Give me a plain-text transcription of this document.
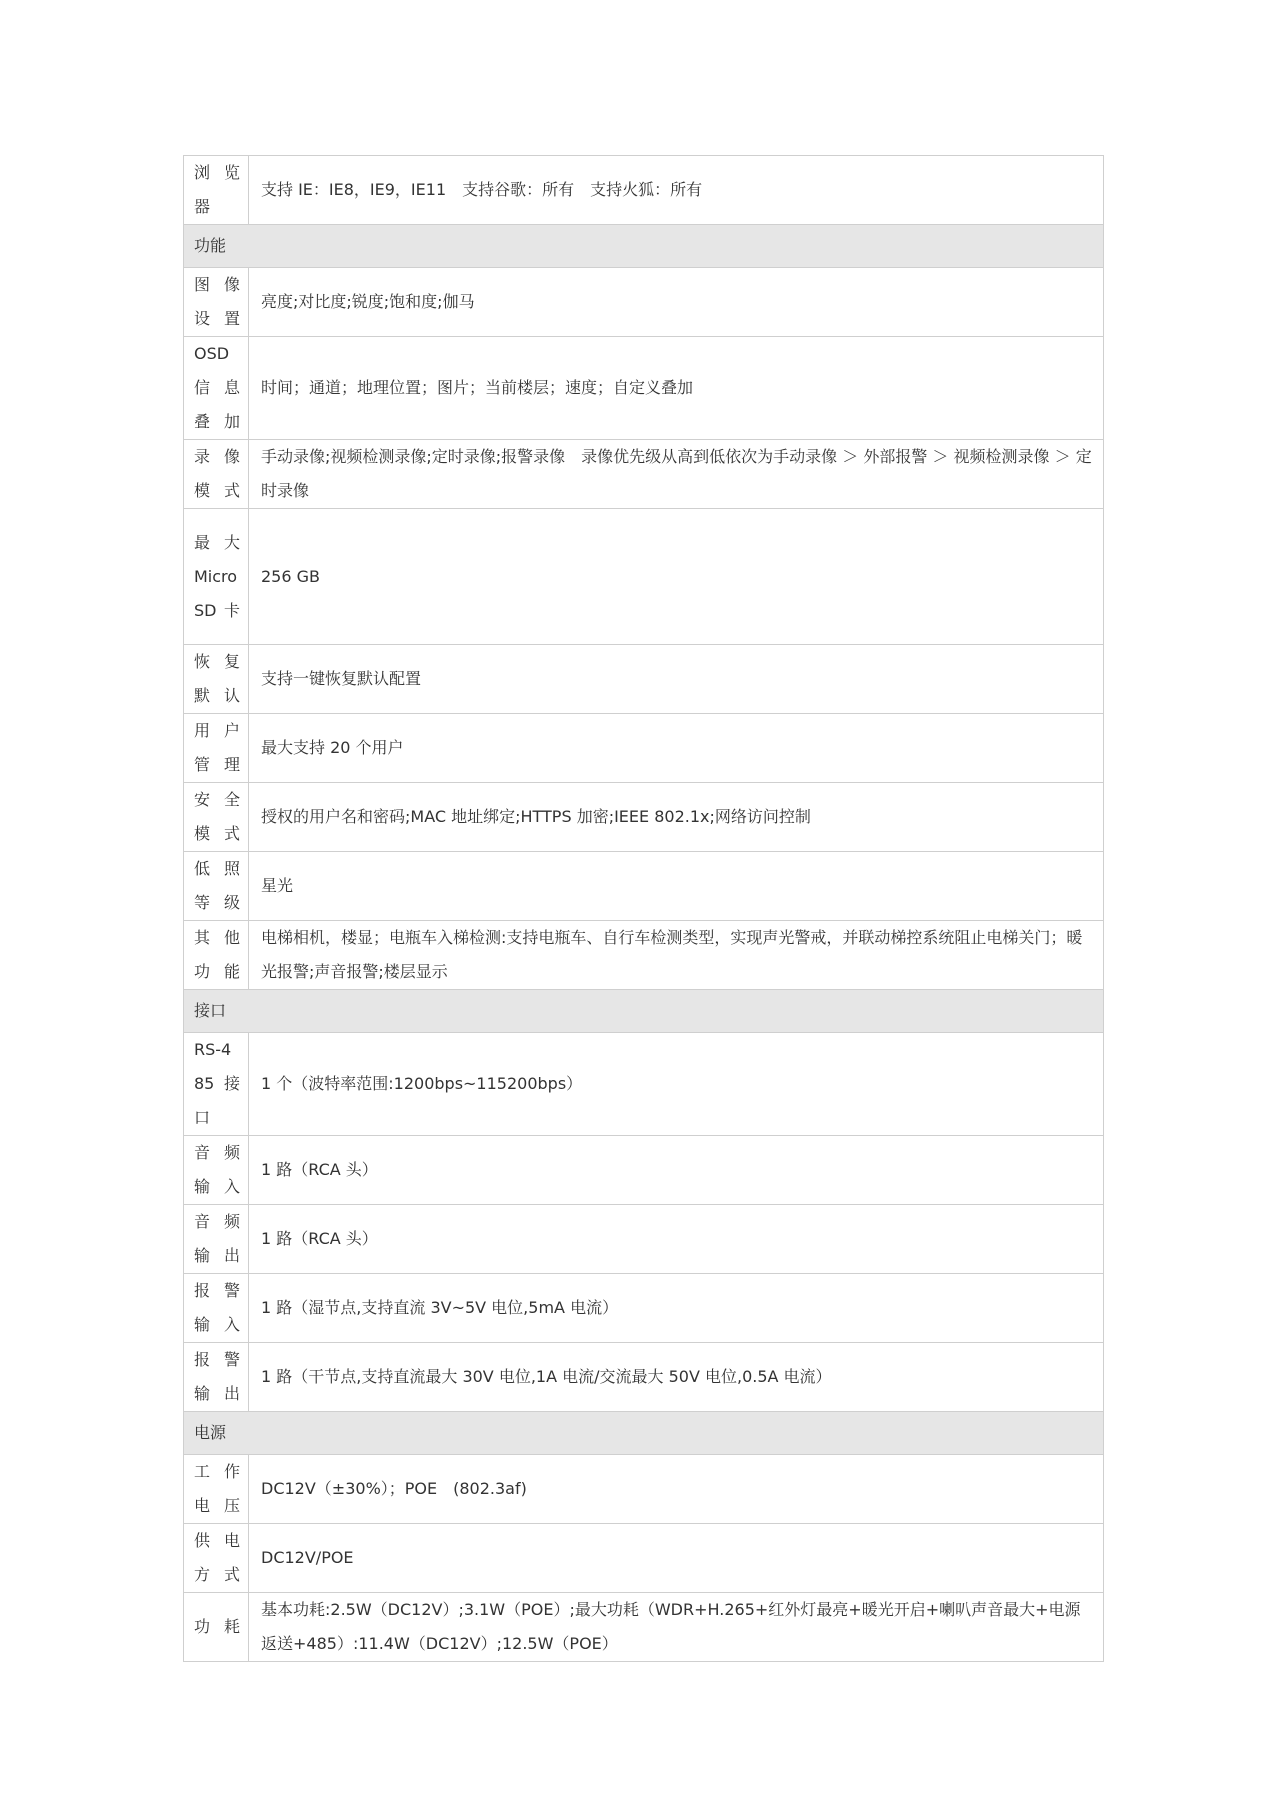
浏览器	支持 IE：IE8，IE9，IE11　支持谷歌：所有　支持火狐：所有
功能	
图像设置	亮度;对比度;锐度;饱和度;伽马
OSD 信息叠加	时间；通道；地理位置；图片；当前楼层；速度；自定义叠加
录像模式	手动录像;视频检测录像;定时录像;报警录像　录像优先级从高到低依次为手动录像 ＞ 外部报警 ＞ 视频检测录像 ＞ 定时录像
最大 Micro SD 卡	256 GB
恢复默认	支持一键恢复默认配置
用户管理	最大支持 20 个用户
安全模式	授权的用户名和密码;MAC 地址绑定;HTTPS 加密;IEEE 802.1x;网络访问控制
低照等级	星光
其他功能	电梯相机，楼显；电瓶车入梯检测:支持电瓶车、自行车检测类型，实现声光警戒，并联动梯控系统阻止电梯关门；暖光报警;声音报警;楼层显示
接口	
RS-485 接口	1 个（波特率范围:1200bps~115200bps）
音频输入	1 路（RCA 头）
音频输出	1 路（RCA 头）
报警输入	1 路（湿节点,支持直流 3V~5V 电位,5mA 电流）
报警输出	1 路（干节点,支持直流最大 30V 电位,1A 电流/交流最大 50V 电位,0.5A 电流）
电源	
工作电压	DC12V（±30%）；POE　(802.3af)
供电方式	DC12V/POE
功耗	基本功耗:2.5W（DC12V）;3.1W（POE）;最大功耗（WDR+H.265+红外灯最亮+暖光开启+喇叭声音最大+电源返送+485）:11.4W（DC12V）;12.5W（POE）
